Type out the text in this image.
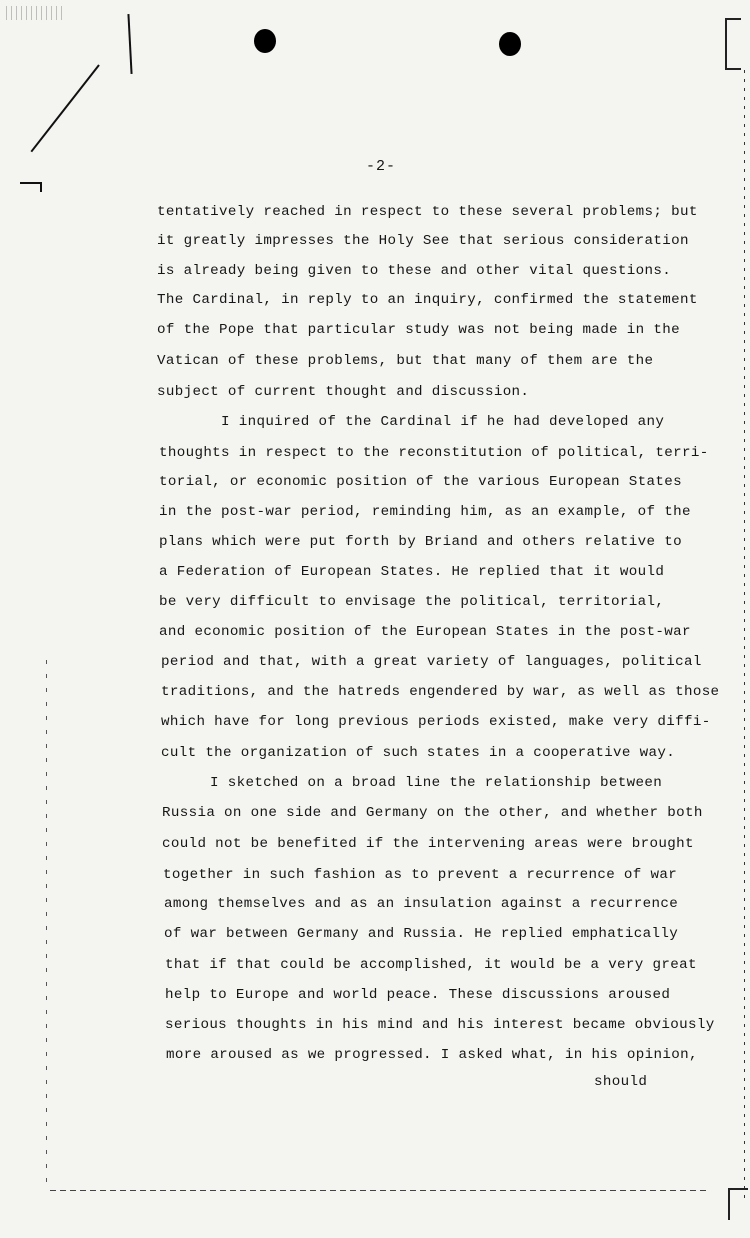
-2-
tentatively reached in respect to these several problems; but
it greatly impresses the Holy See that serious consideration
is already being given to these and other vital questions.
The Cardinal, in reply to an inquiry, confirmed the statement
of the Pope that particular study was not being made in the
Vatican of these problems, but that many of them are the
subject of current thought and discussion.
I inquired of the Cardinal if he had developed any
thoughts in respect to the reconstitution of political, terri-
torial, or economic position of the various European States
in the post-war period, reminding him, as an example, of the
plans which were put forth by Briand and others relative to
a Federation of European States. He replied that it would
be very difficult to envisage the political, territorial,
and economic position of the European States in the post-war
period and that, with a great variety of languages, political
traditions, and the hatreds engendered by war, as well as those
which have for long previous periods existed, make very diffi-
cult the organization of such states in a cooperative way.
I sketched on a broad line the relationship between
Russia on one side and Germany on the other, and whether both
could not be benefited if the intervening areas were brought
together in such fashion as to prevent a recurrence of war
among themselves and as an insulation against a recurrence
of war between Germany and Russia. He replied emphatically
that if that could be accomplished, it would be a very great
help to Europe and world peace. These discussions aroused
serious thoughts in his mind and his interest became obviously
more aroused as we progressed. I asked what, in his opinion,
should
